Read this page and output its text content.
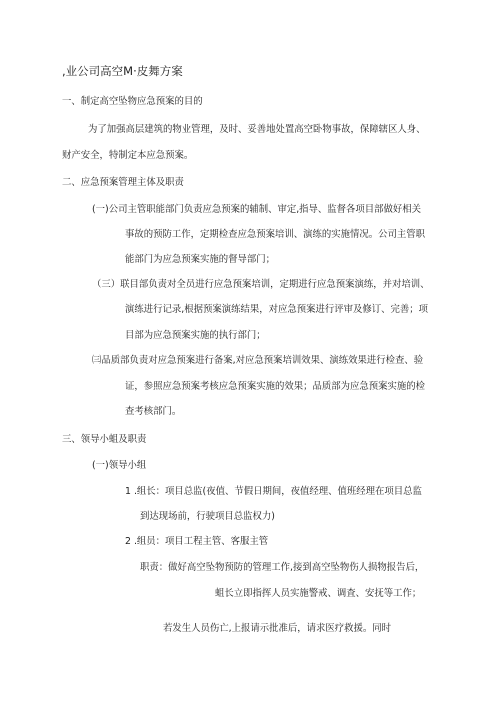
,业公司高空M·皮舞方案
一、制定高空坠物应急预案的目的
为了加强高层建筑的物业管理，及时、妥善地处置高空卧物事故，保障辖区人身、
财产安全，特制定本应急预案。
二、应急预案管理主体及职责
(一)公司主管职能部门负责应急预案的辅制、审定,指导、监督各项目部做好相关
事故的预防工作，定期检查应急预案培训、演练的实施情况。公司主管职
能部门为应急预案实施的督导部门；
（三）联目部负责对全员进行应急预案培训，定期进行应急预案演练，并对培训、
演练进行记录,根据预案演练结果，对应急预案进行评审及修订、完善；项
目部为应急预案实施的执行部门；
㈢品质部负责对应急预案进行备案,对应急预案培训效果、演练效果进行检查、验
证，参照应急预案考核应急预案实施的效果；品质部为应急预案实施的检
查考核部门。
三、领导小蛆及职责
(一)领导小组
1 .组长：项目总监(夜值、节假日期间，夜值经理、值班经理在项目总监
到达现场前，行驶项目总监权力)
2 .组员：项目工程主管、客服主管
职责：做好高空坠物预防的管理工作,接到高空坠物伤人损物报告后，
蛆长立即指挥人员实施警戒、调査、安抚等工作；
若发生人员伤亡,上报请示批准后，请求医疗救援。同时
